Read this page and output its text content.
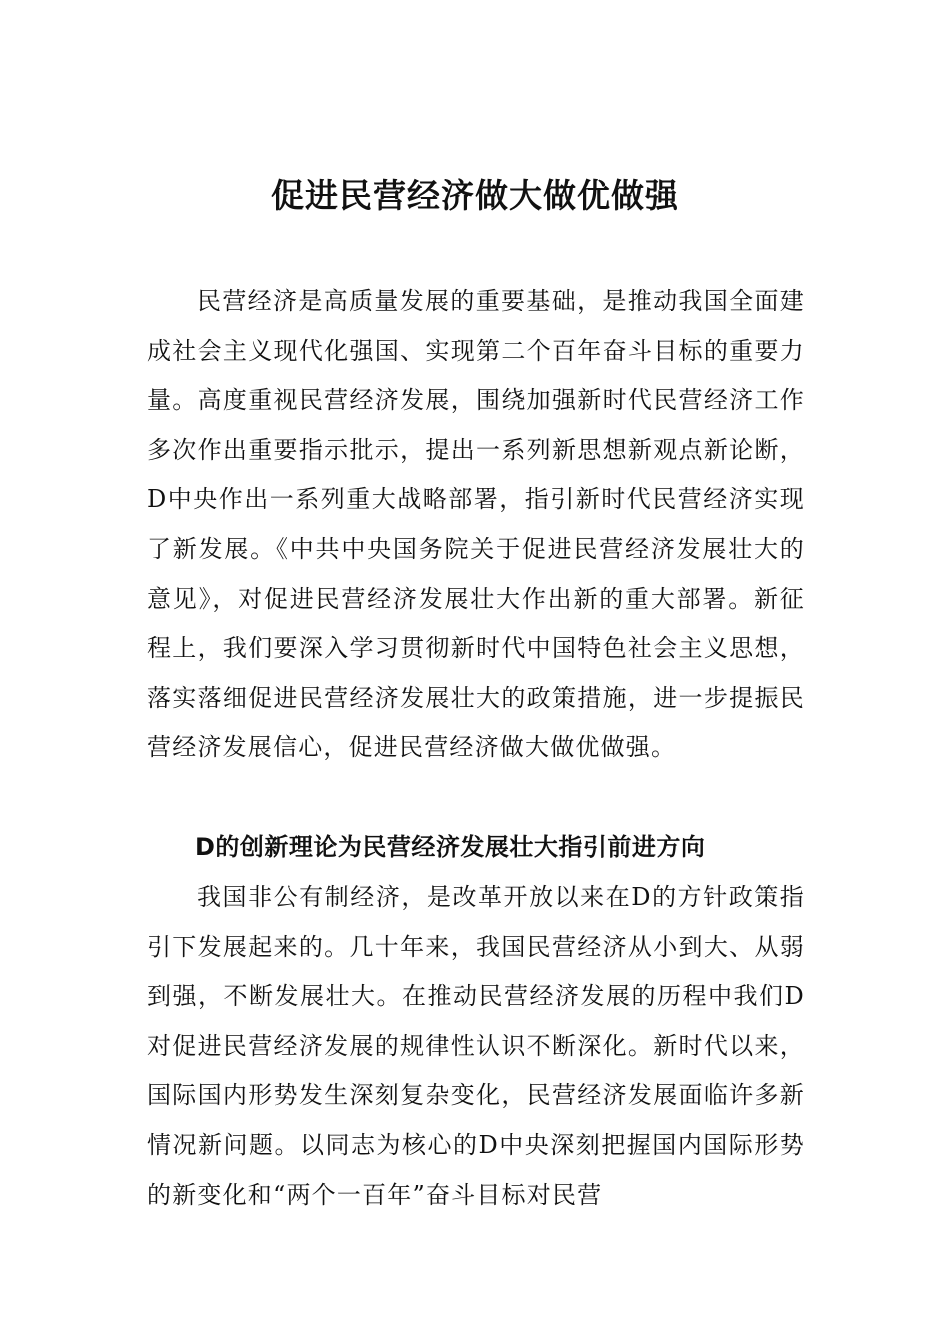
促进民营经济做大做优做强

民营经济是高质量发展的重要基础，是推动我国全面建成社会主义现代化强国、实现第二个百年奋斗目标的重要力量。高度重视民营经济发展，围绕加强新时代民营经济工作多次作出重要指示批示，提出一系列新思想新观点新论断，D中央作出一系列重大战略部署，指引新时代民营经济实现了新发展。《中共中央国务院关于促进民营经济发展壮大的意见》，对促进民营经济发展壮大作出新的重大部署。新征程上，我们要深入学习贯彻新时代中国特色社会主义思想，落实落细促进民营经济发展壮大的政策措施，进一步提振民营经济发展信心，促进民营经济做大做优做强。

D的创新理论为民营经济发展壮大指引前进方向

我国非公有制经济，是改革开放以来在D的方针政策指引下发展起来的。几十年来，我国民营经济从小到大、从弱到强，不断发展壮大。在推动民营经济发展的历程中我们D对促进民营经济发展的规律性认识不断深化。新时代以来，国际国内形势发生深刻复杂变化，民营经济发展面临许多新情况新问题。以同志为核心的D中央深刻把握国内国际形势的新变化和“两个一百年”奋斗目标对民营
